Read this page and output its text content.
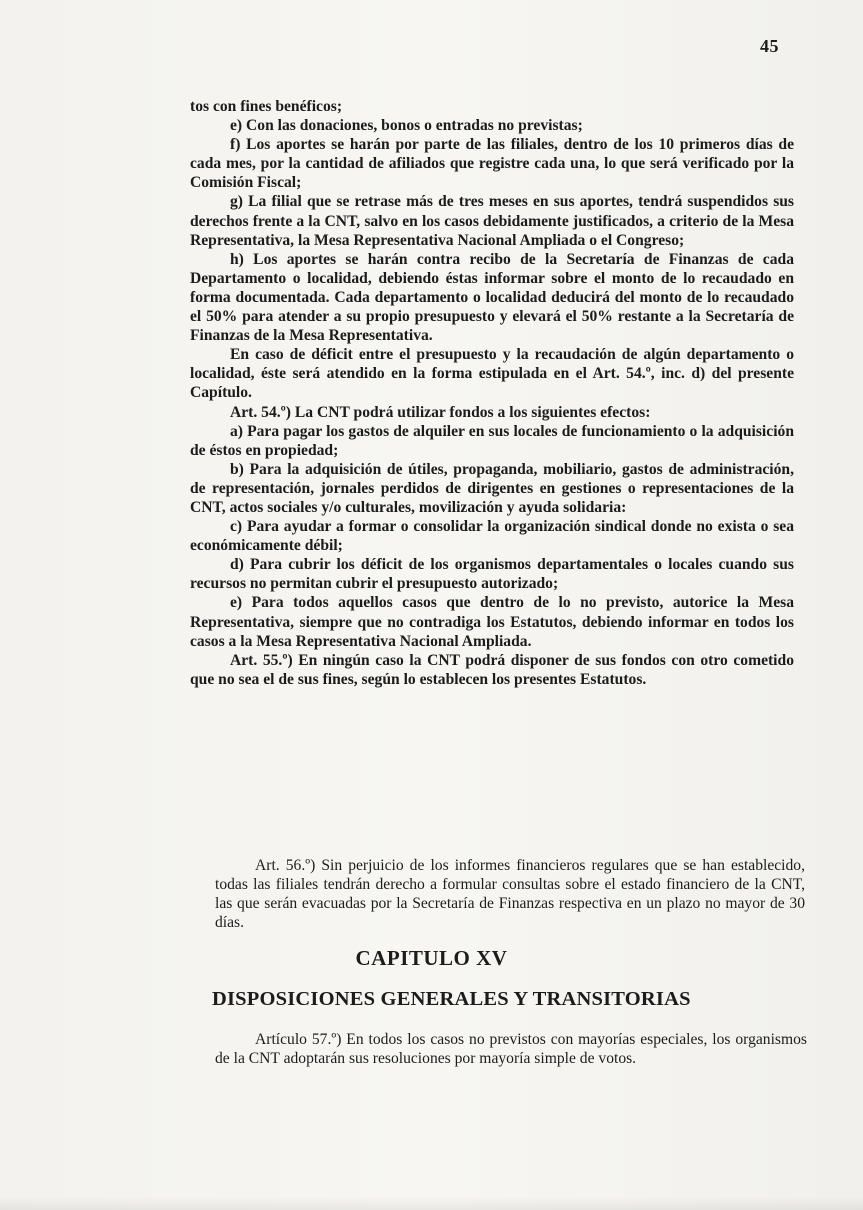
45

tos con fines benéficos;

e) Con las donaciones, bonos o entradas no previstas;

f) Los aportes se harán por parte de las filiales, dentro de los 10 primeros días de cada mes, por la cantidad de afiliados que registre cada una, lo que será verificado por la Comisión Fiscal;

g) La filial que se retrase más de tres meses en sus aportes, tendrá suspendidos sus derechos frente a la CNT, salvo en los casos debidamente justificados, a criterio de la Mesa Representativa, la Mesa Representativa Nacional Ampliada o el Congreso;

h) Los aportes se harán contra recibo de la Secretaría de Finanzas de cada Departamento o localidad, debiendo éstas informar sobre el monto de lo recaudado en forma documentada. Cada departamento o localidad deducirá del monto de lo recaudado el 50% para atender a su propio presupuesto y elevará el 50% restante a la Secretaría de Finanzas de la Mesa Representativa.

En caso de déficit entre el presupuesto y la recaudación de algún departamento o localidad, éste será atendido en la forma estipulada en el Art. 54.º, inc. d) del presente Capítulo.

Art. 54.º) La CNT podrá utilizar fondos a los siguientes efectos:

a) Para pagar los gastos de alquiler en sus locales de funcionamiento o la adquisición de éstos en propiedad;

b) Para la adquisición de útiles, propaganda, mobiliario, gastos de administración, de representación, jornales perdidos de dirigentes en gestiones o representaciones de la CNT, actos sociales y/o culturales, movilización y ayuda solidaria:

c) Para ayudar a formar o consolidar la organización sindical donde no exista o sea económicamente débil;

d) Para cubrir los déficit de los organismos departamentales o locales cuando sus recursos no permitan cubrir el presupuesto autorizado;

e) Para todos aquellos casos que dentro de lo no previsto, autorice la Mesa Representativa, siempre que no contradiga los Estatutos, debiendo informar en todos los casos a la Mesa Representativa Nacional Ampliada.

Art. 55.º) En ningún caso la CNT podrá disponer de sus fondos con otro cometido que no sea el de sus fines, según lo establecen los presentes Estatutos.

Art. 56.º) Sin perjuicio de los informes financieros regulares que se han establecido, todas las filiales tendrán derecho a formular consultas sobre el estado financiero de la CNT, las que serán evacuadas por la Secretaría de Finanzas respectiva en un plazo no mayor de 30 días.

CAPITULO XV
DISPOSICIONES GENERALES Y TRANSITORIAS

Artículo 57.º) En todos los casos no previstos con mayorías especiales, los organismos de la CNT adoptarán sus resoluciones por mayoría simple de votos.
